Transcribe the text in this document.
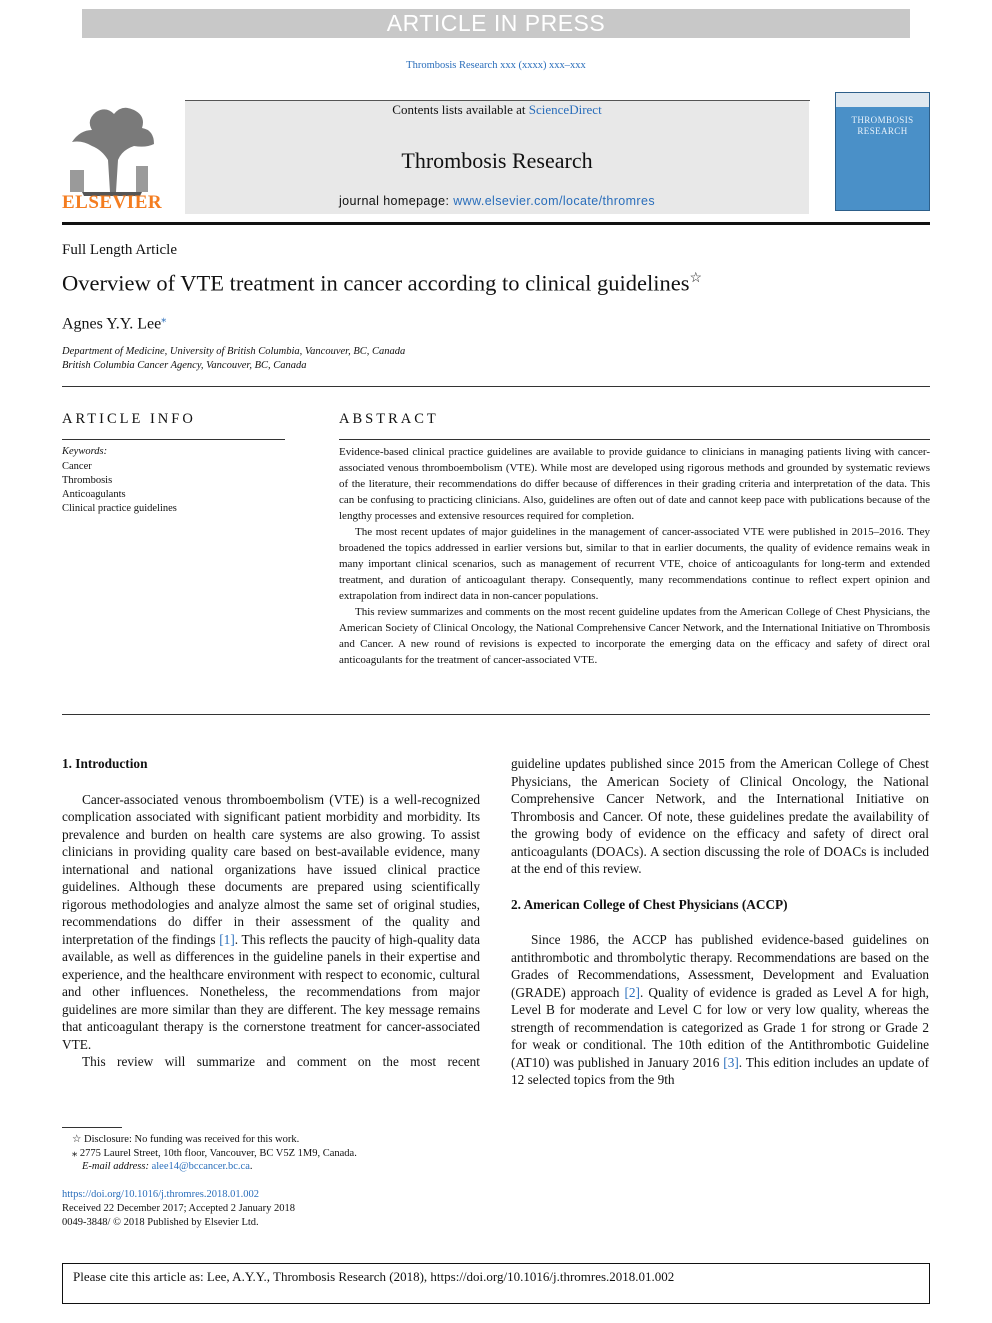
ARTICLE IN PRESS
Thrombosis Research xxx (xxxx) xxx–xxx
ELSEVIER
Contents lists available at ScienceDirect
Thrombosis Research
journal homepage: www.elsevier.com/locate/thromres
THROMBOSIS RESEARCH
Full Length Article
Overview of VTE treatment in cancer according to clinical guidelines☆
Agnes Y.Y. Lee⁎
Department of Medicine, University of British Columbia, Vancouver, BC, Canada
British Columbia Cancer Agency, Vancouver, BC, Canada
ARTICLE INFO
Keywords:
Cancer
Thrombosis
Anticoagulants
Clinical practice guidelines
ABSTRACT

Evidence-based clinical practice guidelines are available to provide guidance to clinicians in managing patients living with cancer-associated venous thromboembolism (VTE). While most are developed using rigorous methods and grounded by systematic reviews of the literature, their recommendations do differ because of differences in their grading criteria and interpretation of the data. This can be confusing to practicing clinicians. Also, guidelines are often out of date and cannot keep pace with publications because of the lengthy processes and extensive resources required for completion.

The most recent updates of major guidelines in the management of cancer-associated VTE were published in 2015–2016. They broadened the topics addressed in earlier versions but, similar to that in earlier documents, the quality of evidence remains weak in many important clinical scenarios, such as management of recurrent VTE, choice of anticoagulants for long-term and extended treatment, and duration of anticoagulant therapy. Consequently, many recommendations continue to reflect expert opinion and extrapolation from indirect data in non-cancer populations.

This review summarizes and comments on the most recent guideline updates from the American College of Chest Physicians, the American Society of Clinical Oncology, the National Comprehensive Cancer Network, and the International Initiative on Thrombosis and Cancer. A new round of revisions is expected to incorporate the emerging data on the efficacy and safety of direct oral anticoagulants for the treatment of cancer-associated VTE.

1. Introduction

Cancer-associated venous thromboembolism (VTE) is a well-recognized complication associated with significant patient morbidity and morbidity. Its prevalence and burden on health care systems are also growing. To assist clinicians in providing quality care based on best-available evidence, many international and national organizations have issued clinical practice guidelines. Although these documents are prepared using scientifically rigorous methodologies and analyze almost the same set of original studies, recommendations do differ in their assessment of the quality and interpretation of the findings [1]. This reflects the paucity of high-quality data available, as well as differences in the guideline panels in their expertise and experience, and the healthcare environment with respect to economic, cultural and other influences. Nonetheless, the recommendations from major guidelines are more similar than they are different. The key message remains that anticoagulant therapy is the cornerstone treatment for cancer-associated VTE.

This review will summarize and comment on the most recent

guideline updates published since 2015 from the American College of Chest Physicians, the American Society of Clinical Oncology, the National Comprehensive Cancer Network, and the International Initiative on Thrombosis and Cancer. Of note, these guidelines predate the availability of the growing body of evidence on the efficacy and safety of direct oral anticoagulants (DOACs). A section discussing the role of DOACs is included at the end of this review.

2. American College of Chest Physicians (ACCP)

Since 1986, the ACCP has published evidence-based guidelines on antithrombotic and thrombolytic therapy. Recommendations are based on the Grades of Recommendations, Assessment, Development and Evaluation (GRADE) approach [2]. Quality of evidence is graded as Level A for high, Level B for moderate and Level C for low or very low quality, whereas the strength of recommendation is categorized as Grade 1 for strong or Grade 2 for weak or conditional. The 10th edition of the Antithrombotic Guideline (AT10) was published in January 2016 [3]. This edition includes an update of 12 selected topics from the 9th

☆ Disclosure: No funding was received for this work.
⁎ 2775 Laurel Street, 10th floor, Vancouver, BC V5Z 1M9, Canada.
E-mail address: alee14@bccancer.bc.ca.
https://doi.org/10.1016/j.thromres.2018.01.002
Received 22 December 2017; Accepted 2 January 2018
0049-3848/ © 2018 Published by Elsevier Ltd.
Please cite this article as: Lee, A.Y.Y., Thrombosis Research (2018), https://doi.org/10.1016/j.thromres.2018.01.002
